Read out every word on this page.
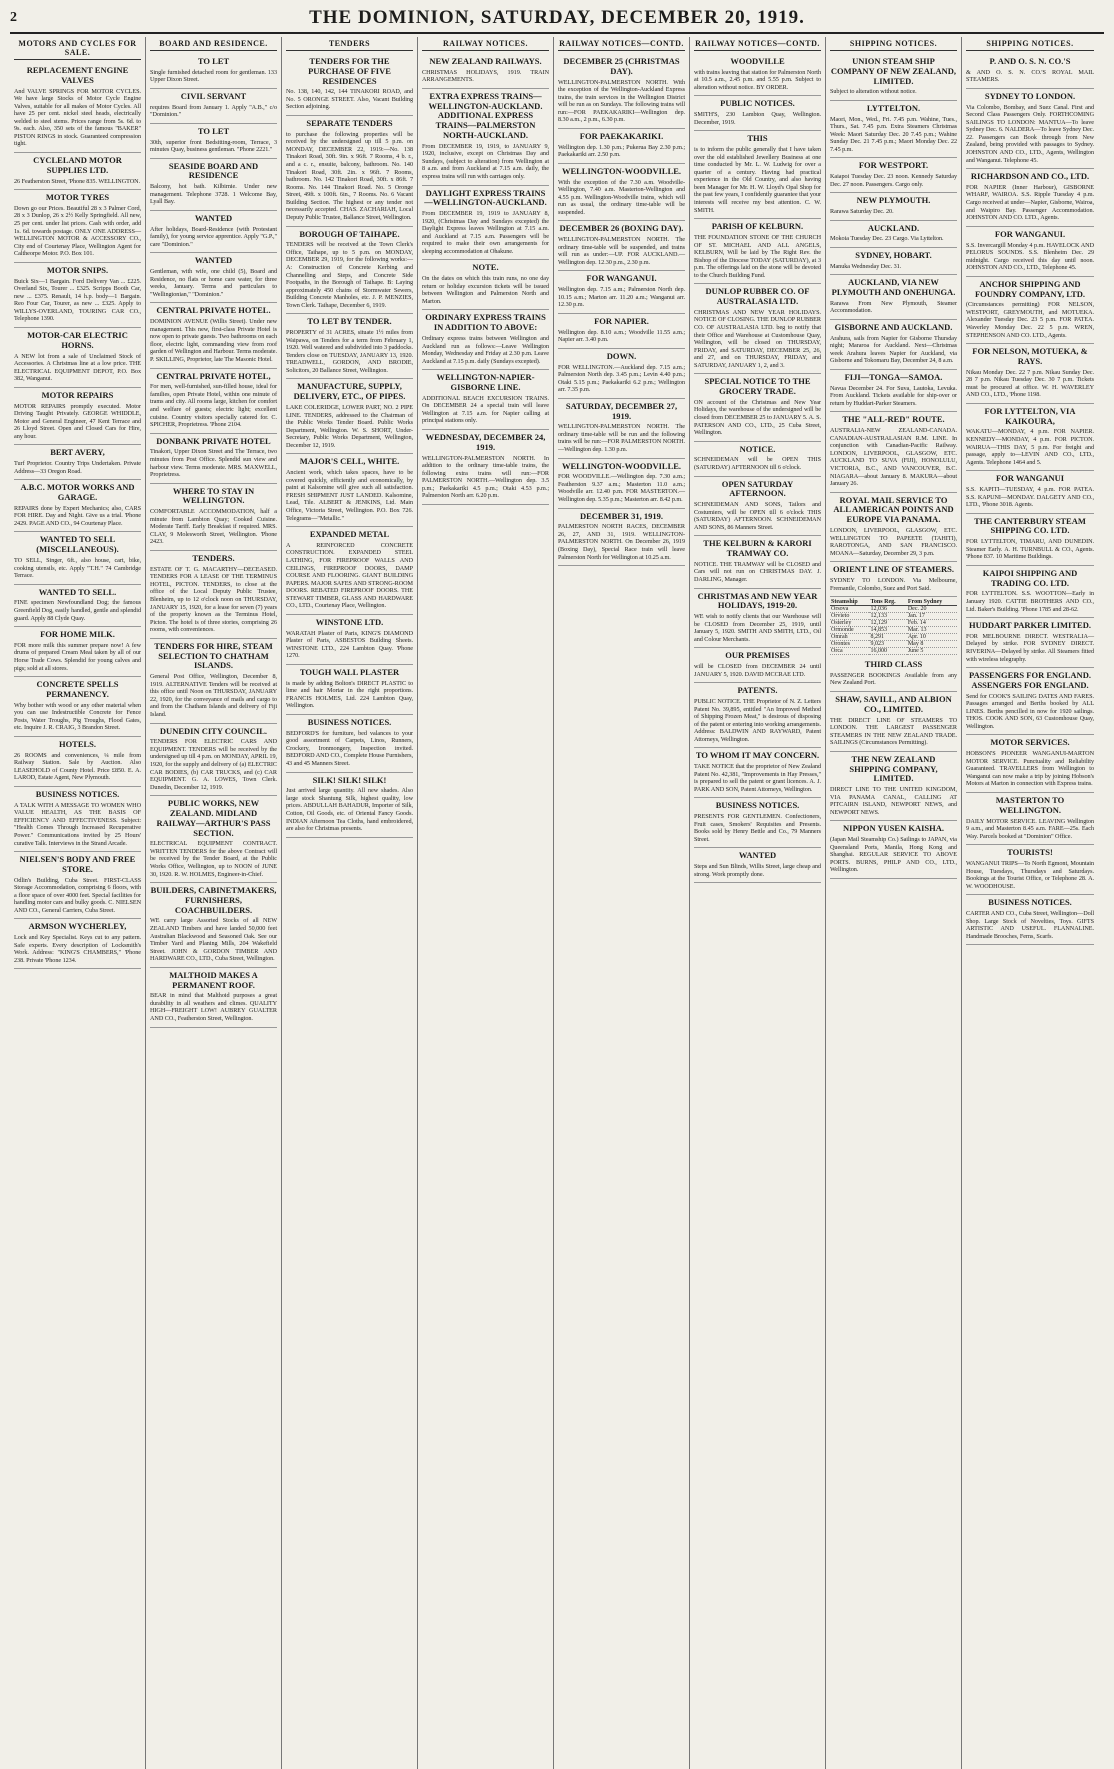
2	THE DOMINION, SATURDAY, DECEMBER 20, 1919.
MOTORS AND CYCLES FOR SALE.
REPLACEMENT ENGINE VALVES
And VALVE SPRINGS FOR MOTOR CYCLES. We have large Stocks of Motor Cycle Engine Valves, suitable for all makes of Motor Cycles. All have 25 per cent. nickel steel heads, electrically welded to steel stems. Prices range from 5s. 6d. to 9s. each. Also, 350 sets of the famous "BAKER" PISTON RINGS in stock. Guaranteed compression tight.
CYCLELAND MOTOR SUPPLIES LTD.
26 Featherston Street, 'Phone 835. WELLINGTON.
MOTOR TYRES
Down go our Prices. Beautiful 28 x 3 Palmer Cord, 28 x 3 Dunlop, 26 x 2½ Kelly Springfield. All new, 25 per cent. under list prices. Cash with order, add 1s. 6d. towards postage. ONLY ONE ADDRESS— WELLINGTON MOTOR & ACCESSORY CO., City end of Courtenay Place, Wellington Agent for Caltheorpe Motor. P.O. Box 101.
MOTOR SNIPS.
Buick Six—1 Bargain. Ford Delivery Van ... £225. Overland Six, Tourer ... £325. Scripps Booth Car, new ... £375. Renault, 14 h.p. body—1 Bargain. Reo Four Car, Tourer, as new ... £325. Apply to WILLYS-OVERLAND, TOURING CAR CO., Telephone 1390.
MOTOR-CAR ELECTRIC HORNS.
A NEW lot from a sale of Unclaimed Stock of Accessories. A Christmas line at a low price. THE ELECTRICAL EQUIPMENT DEPOT, P.O. Box 382, Wanganui.
MOTOR REPAIRS
MOTOR REPAIRS promptly executed. Motor Driving Taught Privately. GEORGE WHIDDLE, Motor and General Engineer, 47 Kent Terrace and 26 Lloyd Street. Open and Closed Cars for Hire, any hour.
BERT AVERY,
Turf Proprietor. Country Trips Undertaken. Private Address—33 Oregon Road.
A.B.C. MOTOR WORKS AND GARAGE.
REPAIRS done by Expert Mechanics; also, CARS FOR HIRE. Day and Night. Give us a trial. 'Phone 2429. PAGE AND CO., 94 Courtenay Place.
WANTED TO SELL (MISCELLANEOUS).
TO SELL, Singer, 6ft., also house, cart, bike, cooking utensils, etc. Apply "T.H." 74 Cambridge Terrace.
WANTED TO SELL.
FINE specimen Newfoundland Dog; the famous Greenfield Dog, easily handled, gentle and splendid guard. Apply 88 Clyde Quay.
FOR HOME MILK.
FOR more milk this summer prepare now! A few drums of prepared Cream Meal taken by all of our Horse Trade Cows. Splendid for young calves and pigs; sold at all stores.
CONCRETE SPELLS PERMANENCY.
Why bother with wood or any other material when you can use Indestructible Concrete for Fence Posts, Water Troughs, Pig Troughs, Flood Gates, etc. Inquire J. R. CRAIG, 3 Brandon Street.
HOTELS.
26 ROOMS and conveniences, ¼ mile from Railway Station. Sale by Auction. Also LEASEHOLD of County Hotel. Price £850. E. A. LAROD, Estate Agent, New Plymouth.
BUSINESS NOTICES.
A TALK WITH A MESSAGE TO WOMEN WHO VALUE HEALTH, AS THE BASIS OF EFFICIENCY AND EFFECTIVENESS. Subject: "Health Comes Through Increased Recuperative Power." Communications invited by 25 Hours' curative Talk. Interviews in the Strand Arcade.
NIELSEN'S BODY AND FREE STORE.
Odlin's Building, Cuba Street. FIRST-CLASS Storage Accommodation, comprising 6 floors, with a floor space of over 4000 feet. Special facilities for handling motor cars and bulky goods. C. NIELSEN AND CO., General Carriers, Cuba Street.
ARMSON WYCHERLEY,
Lock and Key Specialist. Keys cut to any pattern. Safe experts. Every description of Locksmith's Work. Address: "KING'S CHAMBERS," 'Phone 238. Private 'Phone 1234.
BOARD AND RESIDENCE.
TO LET
Single furnished detached room for gentleman. 133 Upper Dixon Street.
CIVIL SERVANT
requires Board from January 1. Apply "A.B.," c/o "Dominion."
TO LET
30th, superior front Bedsitting-room, Terrace, 3 minutes Quay, business gentleman. "Phone 2221."
SEASIDE BOARD AND RESIDENCE
Balcony, hot bath. Kilbirnie. Under new management. Telephone 3728. 1 Welcome Bay, Lyall Bay.
WANTED
After holidays, Board-Residence (with Protestant family), for young service apprentice. Apply "G.P.," care "Dominion."
WANTED
Gentleman, with wife, one child (5), Board and Residence, no flats or home care water, for three weeks, January. Terms and particulars to "Wellingtonian," "Dominion."
CENTRAL PRIVATE HOTEL.
DOMINION AVENUE (Willis Street). Under new management. This new, first-class Private Hotel is now open to private guests. Two bathrooms on each floor, electric light, commanding view from roof garden of Wellington and Harbour. Terms moderate. P. SKILLING, Proprietor, late The Masonic Hotel.
CENTRAL PRIVATE HOTEL,
For men, well-furnished, sun-filled house, ideal for families, open Private Hotel, within one minute of trams and city. All rooms large, kitchen for comfort and welfare of guests; electric light; excellent cuisine. Country visitors specially catered for. C. SPICHER, Proprietress. 'Phone 2104.
DONBANK PRIVATE HOTEL
Tinakori, Upper Dixon Street and The Terrace, two minutes from Post Office. Splendid sun view and harbour view. Terms moderate. MRS. MAXWELL, Proprietress.
WHERE TO STAY IN WELLINGTON.
COMFORTABLE ACCOMMODATION, half a minute from Lambton Quay; Cooked Cuisine. Moderate Tariff. Early Breakfast if required. MRS. CLAY, 9 Molesworth Street, Wellington. 'Phone 2423.
TENDERS.
ESTATE OF T. G. MACARTHY—DECEASED. TENDERS FOR A LEASE OF THE TERMINUS HOTEL, PICTON. TENDERS, to close at the office of the Local Deputy Public Trustee, Blenheim, up to 12 o'clock noon on THURSDAY, JANUARY 15, 1920, for a lease for seven (7) years of the property known as the Terminus Hotel, Picton. The hotel is of three stories, comprising 26 rooms, with conveniences.
TENDERS FOR HIRE, STEAM SELECTION TO CHATHAM ISLANDS.
General Post Office, Wellington, December 8, 1919. ALTERNATIVE Tenders will be received at this office until Noon on THURSDAY, JANUARY 22, 1920, for the conveyance of mails and cargo to and from the Chatham Islands and delivery of Fiji Island.
DUNEDIN CITY COUNCIL.
TENDERS FOR ELECTRIC CARS AND EQUIPMENT. TENDERS will be received by the undersigned up till 4 p.m. on MONDAY, APRIL 19, 1920, for the supply and delivery of (a) ELECTRIC CAR BODIES, (b) CAR TRUCKS, and (c) CAR EQUIPMENT. G. A. LOWES, Town Clerk. Dunedin, December 12, 1919.
PUBLIC WORKS, NEW ZEALAND. MIDLAND RAILWAY—ARTHUR'S PASS SECTION.
ELECTRICAL EQUIPMENT CONTRACT. WRITTEN TENDERS for the above Contract will be received by the Tender Board, at the Public Works Office, Wellington, up to NOON of JUNE 30, 1920. R. W. HOLMES, Engineer-in-Chief.
BUILDERS, CABINETMAKERS, FURNISHERS, COACHBUILDERS.
WE carry large Assorted Stocks of all NEW ZEALAND Timbers and have landed 50,000 feet Australian Blackwood and Seasoned Oak. See our Timber Yard and Planing Mills, 204 Wakefield Street. JOHN & GORDON TIMBER AND HARDWARE CO., LTD., Cuba Street, Wellington.
MALTHOID MAKES A PERMANENT ROOF.
BEAR in mind that Malthoid purposes a great durability in all weathers and climes. QUALITY HIGH—FREIGHT LOW! AUBREY GUALTER AND CO., Featherston Street, Wellington.
TENDERS
TENDERS FOR THE PURCHASE OF FIVE RESIDENCES
No. 138, 140, 142, 144 TINAKORI ROAD, and No. 5 ORONGE STREET. Also, Vacant Building Section adjoining.
SEPARATE TENDERS
to purchase the following properties will be received by the undersigned up till 5 p.m. on MONDAY, DECEMBER 22, 1919:—No. 138 Tinakori Road, 30ft. 9in. x 96ft. 7 Rooms, 4 b. r., and a c. r., ensuite, balcony, bathroom. No. 140 Tinakori Road, 30ft. 2in. x 96ft. 7 Rooms, bathroom. No. 142 Tinakori Road, 30ft. x 86ft. 7 Rooms. No. 144 Tinakori Road. No. 5 Oronge Street, 49ft. x 100ft. 6in., 7 Rooms. No. 6 Vacant Building Section. The highest or any tender not necessarily accepted. CHAS. ZACHARIAH, Local Deputy Public Trustee, Ballance Street, Wellington.
BOROUGH OF TAIHAPE.
TENDERS will be received at the Town Clerk's Office, Taihape, up to 5 p.m. on MONDAY, DECEMBER 29, 1919, for the following works:—A: Construction of Concrete Kerbing and Channelling and Steps, and Concrete Side Footpaths, in the Borough of Taihape. B: Laying approximately 450 chains of Stormwater Sewers, Building Concrete Manholes, etc. J. P. MENZIES, Town Clerk. Taihape, December 6, 1919.
TO LET BY TENDER.
PROPERTY of 31 ACRES, situate 1½ miles from Waipawa, on Tenders for a term from February 1, 1920. Well watered and subdivided into 3 paddocks. Tenders close on TUESDAY, JANUARY 13, 1920. TREADWELL, GORDON, AND BRODIE, Solicitors, 20 Ballance Street, Wellington.
MANUFACTURE, SUPPLY, DELIVERY, ETC., OF PIPES.
LAKE COLERIDGE, LOWER PART, NO. 2 PIPE LINE. TENDERS, addressed to the Chairman of the Public Works Tender Board. Public Works Department, Wellington. W. S. SHORT, Under-Secretary, Public Works Department, Wellington, December 12, 1919.
MAJOR'S CELL, WHITE.
Ancient work, which takes spaces, have to be covered quickly, efficiently and economically, by paint at Kalsomine will give such all satisfaction. FRESH SHIPMENT JUST LANDED. Kalsomine, Lead, Tile. ALBERT & JENKINS, Ltd. Main Office, Victoria Street, Wellington. P.O. Box 726. Telegrams—"Metallic."
EXPANDED METAL
A REINFORCED CONCRETE CONSTRUCTION. EXPANDED STEEL LATHING, FOR FIREPROOF WALLS AND CEILINGS, FIREPROOF DOORS, DAMP COURSE AND FLOORING. GIANT BUILDING PAPERS. MAJOR SAFES AND STRONG-ROOM DOORS. REBATED FIREPROOF DOORS. THE STEWART TIMBER, GLASS AND HARDWARE CO., LTD., Courtenay Place, Wellington.
WINSTONE LTD.
WARATAH Plaster of Paris, KING'S DIAMOND Plaster of Paris, ASBESTOS Building Sheets. WINSTONE LTD., 224 Lambton Quay. 'Phone 1270.
TOUGH WALL PLASTER
is made by adding Bolton's DIRECT PLASTIC to lime and hair Mortar in the right proportions. FRANCIS HOLMES, Ltd. 224 Lambton Quay, Wellington.
BUSINESS NOTICES.
BEDFORD'S for furniture, bed valances to your good assortment of Carpets, Linos, Runners, Crockery, Ironmongery, Inspection invited. BEDFORD AND CO., Complete House Furnishers, 43 and 45 Manners Street.
SILK! SILK! SILK!
Just arrived large quantity. All new shades. Also large stock Shantung Silk, highest quality, low prices. ABDULLAH BAHADUR, Importer of Silk, Cotton, Oil Goods, etc. of Oriental Fancy Goods. INDIAN Afternoon Tea Cloths, hand embroidered, are also for Christmas presents.
RAILWAY NOTICES.
NEW ZEALAND RAILWAYS.
CHRISTMAS HOLIDAYS, 1919. TRAIN ARRANGEMENTS.
EXTRA EXPRESS TRAINS—WELLINGTON-AUCKLAND. ADDITIONAL EXPRESS TRAINS—PALMERSTON NORTH-AUCKLAND.
From DECEMBER 19, 1919, to JANUARY 9, 1920, inclusive, except on Christmas Day and Sundays, (subject to alteration) from Wellington at 8 a.m. and from Auckland at 7.15 a.m. daily, the express trains will run with carriages only.
DAYLIGHT EXPRESS TRAINS—WELLINGTON-AUCKLAND.
From DECEMBER 19, 1919 to JANUARY 8, 1920, (Christmas Day and Sundays excepted) the Daylight Express leaves Wellington at 7.15 a.m. and Auckland at 7.15 a.m. Passengers will be required to make their own arrangements for sleeping accommodation at Ohakune.
NOTE.
On the dates on which this train runs, no one day return or holiday excursion tickets will be issued between Wellington and Palmerston North and Marton.
ORDINARY EXPRESS TRAINS IN ADDITION TO ABOVE:
Ordinary express trains between Wellington and Auckland run as follows:—Leave Wellington Monday, Wednesday and Friday at 2.30 p.m. Leave Auckland at 7.15 p.m. daily (Sundays excepted).
WELLINGTON-NAPIER-GISBORNE LINE.
ADDITIONAL BEACH EXCURSION TRAINS. On DECEMBER 24 a special train will leave Wellington at 7.15 a.m. for Napier calling at principal stations only.
WEDNESDAY, DECEMBER 24, 1919.
WELLINGTON-PALMERSTON NORTH. In addition to the ordinary time-table trains, the following extra trains will run:—FOR PALMERSTON NORTH.—Wellington dep. 3.5 p.m.; Paekakariki 4.5 p.m.; Otaki 4.53 p.m.; Palmerston North arr. 6.20 p.m.
RAILWAY NOTICES—CONTD.
DECEMBER 25 (CHRISTMAS DAY).
WELLINGTON-PALMERSTON NORTH. With the exception of the Wellington-Auckland Express trains, the train services in the Wellington District will be run as on Sundays. The following trains will run:—FOR PAEKAKARIKI—Wellington dep. 8.30 a.m., 2 p.m., 6.30 p.m.
FOR PAEKAKARIKI.
Wellington dep. 1.30 p.m.; Pukerua Bay 2.30 p.m.; Paekakariki arr. 2.50 p.m.
WELLINGTON-WOODVILLE.
With the exception of the 7.30 a.m. Woodville-Wellington, 7.40 a.m. Masterton-Wellington and 4.55 p.m. Wellington-Woodville trains, which will run as usual, the ordinary time-table will be suspended.
DECEMBER 26 (BOXING DAY).
WELLINGTON-PALMERSTON NORTH. The ordinary time-table will be suspended, and trains will run as under:—UP. FOR AUCKLAND.—Wellington dep. 12.30 p.m., 2.30 p.m.
FOR WANGANUI.
Wellington dep. 7.15 a.m.; Palmerston North dep. 10.15 a.m.; Marton arr. 11.20 a.m.; Wanganui arr. 12.30 p.m.
FOR NAPIER.
Wellington dep. 8.10 a.m.; Woodville 11.55 a.m.; Napier arr. 3.40 p.m.
DOWN.
FOR WELLINGTON.—Auckland dep. 7.15 a.m.; Palmerston North dep. 3.45 p.m.; Levin 4.40 p.m.; Otaki 5.15 p.m.; Paekakariki 6.2 p.m.; Wellington arr. 7.35 p.m.
SATURDAY, DECEMBER 27, 1919.
WELLINGTON-PALMERSTON NORTH. The ordinary time-table will be run and the following trains will be run:—FOR PALMERSTON NORTH.—Wellington dep. 1.30 p.m.
WELLINGTON-WOODVILLE.
FOR WOODVILLE.—Wellington dep. 7.30 a.m.; Featherston 9.37 a.m.; Masterton 11.0 a.m.; Woodville arr. 12.40 p.m. FOR MASTERTON.—Wellington dep. 5.35 p.m.; Masterton arr. 8.42 p.m.
DECEMBER 31, 1919.
PALMERSTON NORTH RACES, DECEMBER 26, 27, AND 31, 1919. WELLINGTON-PALMERSTON NORTH. On December 26, 1919 (Boxing Day), Special Race train will leave Palmerston North for Wellington at 10.25 a.m.
RAILWAY NOTICES—CONTD.
WOODVILLE
with trains leaving that station for Palmerston North at 10.5 a.m., 2.45 p.m. and 5.55 p.m. Subject to alteration without notice. BY ORDER.
PUBLIC NOTICES.
SMITH'S, 230 Lambton Quay, Wellington. December, 1919.
THIS
is to inform the public generally that I have taken over the old established Jewellery Business at one time conducted by Mr. L. W. Ludwig for over a quarter of a century. Having had practical experience in the Old Country, and also having been Manager for Mr. H. W. Lloyd's Opal Shop for the past few years, I confidently guarantee that your interests will receive my best attention. C. W. SMITH.
PARISH OF KELBURN.
THE FOUNDATION STONE OF THE CHURCH OF ST. MICHAEL AND ALL ANGELS, KELBURN, Will be laid by The Right Rev. the Bishop of the Diocese TODAY (SATURDAY), at 3 p.m. The offerings laid on the stone will be devoted to the Church Building Fund.
DUNLOP RUBBER CO. OF AUSTRALASIA LTD.
CHRISTMAS AND NEW YEAR HOLIDAYS. NOTICE OF CLOSING. THE DUNLOP RUBBER CO. OF AUSTRALASIA LTD. beg to notify that their Office and Warehouse at Customhouse Quay, Wellington, will be closed on THURSDAY, FRIDAY, and SATURDAY, DECEMBER 25, 26, and 27, and on THURSDAY, FRIDAY, and SATURDAY, JANUARY 1, 2, and 3.
SPECIAL NOTICE TO THE GROCERY TRADE.
ON account of the Christmas and New Year Holidays, the warehouse of the undersigned will be closed from DECEMBER 25 to JANUARY 5. A. S. PATERSON AND CO., LTD., 25 Cuba Street, Wellington.
NOTICE.
SCHNEIDEMAN will be OPEN THIS (SATURDAY) AFTERNOON till 6 o'clock.
OPEN SATURDAY AFTERNOON.
SCHNEIDEMAN AND SONS, Tailors and Costumiers, will be OPEN till 6 o'clock THIS (SATURDAY) AFTERNOON. SCHNEIDEMAN AND SONS, 86 Manners Street.
THE KELBURN & KARORI TRAMWAY CO.
NOTICE. THE TRAMWAY will be CLOSED and Cars will not run on CHRISTMAS DAY. J. DARLING, Manager.
CHRISTMAS AND NEW YEAR HOLIDAYS, 1919-20.
WE wish to notify clients that our Warehouse will be CLOSED from December 25, 1919, until January 5, 1920. SMITH AND SMITH, LTD., Oil and Colour Merchants.
OUR PREMISES
will be CLOSED from DECEMBER 24 until JANUARY 5, 1920. DAVID MCCRAE LTD.
PATENTS.
PUBLIC NOTICE. THE Proprietor of N. Z. Letters Patent No. 39,895, entitled "An Improved Method of Shipping Frozen Meat," is desirous of disposing of the patent or entering into working arrangements. Address: BALDWIN AND RAYWARD, Patent Attorneys, Wellington.
TO WHOM IT MAY CONCERN.
TAKE NOTICE that the proprietor of New Zealand Patent No. 42,381, "Improvements in Hay Presses," is prepared to sell the patent or grant licences. A. J. PARK AND SON, Patent Attorneys, Wellington.
BUSINESS NOTICES.
PRESENTS FOR GENTLEMEN. Confectioners, Fruit cases, Smokers' Requisites and Presents. Books sold by Henry Bettle and Co., 79 Manners Street.
WANTED
Steps and Sun Blinds, Willis Street, large cheap and strong. Work promptly done.
SHIPPING NOTICES.
UNION STEAM SHIP COMPANY OF NEW ZEALAND, LIMITED.
Subject to alteration without notice.
LYTTELTON.
Maori, Mon., Wed., Fri. 7.45 p.m. Wahine, Tues., Thurs., Sat. 7.45 p.m. Extra Steamers Christmas Week: Maori Saturday Dec. 20 7.45 p.m.; Wahine Sunday Dec. 21 7.45 p.m.; Maori Monday Dec. 22 7.45 p.m.
FOR WESTPORT.
Kaiapoi Tuesday Dec. 23 noon. Kennedy Saturday Dec. 27 noon. Passengers. Cargo only.
NEW PLYMOUTH.
Rarawa Saturday Dec. 20.
AUCKLAND.
Mokoia Tuesday Dec. 23 Cargo. Via Lyttelton.
SYDNEY, HOBART.
Manuka Wednesday Dec. 31.
AUCKLAND, VIA NEW PLYMOUTH AND ONEHUNGA.
Rarawa From New Plymouth, Steamer Accommodation.
GISBORNE AND AUCKLAND.
Arahura, sails from Napier for Gisborne Thursday night; Mararoa for Auckland. Next—Christmas week Arahura leaves Napier for Auckland, via Gisborne and Tokomaru Bay, December 24, 8 a.m.
FIJI—TONGA—SAMOA.
Navua December 24. For Suva, Lautoka, Levuka. From Auckland. Tickets available for ship-over or return by Huddart-Parker Steamers.
THE "ALL-RED" ROUTE.
AUSTRALIA-NEW ZEALAND-CANADA. CANADIAN-AUSTRALASIAN R.M. LINE. In conjunction with Canadian-Pacific Railway. LONDON, LIVERPOOL, GLASGOW, ETC. AUCKLAND TO SUVA (FIJI), HONOLULU, VICTORIA, B.C., AND VANCOUVER, B.C. NIAGARA—about January 8. MAKURA—about January 26.
ROYAL MAIL SERVICE TO ALL AMERICAN POINTS AND EUROPE VIA PANAMA.
LONDON, LIVERPOOL, GLASGOW, ETC. WELLINGTON TO PAPEETE (TAHITI), RAROTONGA, AND SAN FRANCISCO. MOANA—Saturday, December 29, 3 p.m.
ORIENT LINE OF STEAMERS.
SYDNEY TO LONDON. Via Melbourne, Fremantle, Colombo, Suez and Port Said.
Steamship	Tons Reg.	From Sydney
Orsova	12,036	Dec. 20
Orvieto	12,133	Jan. 17
Osterley	12,129	Feb. 14
Ormonde	14,853	Mar. 13
Omrah	8,291	Apr. 10
Orontes	9,023	May 8
Orca	16,000	June 5
THIRD CLASS
PASSENGER BOOKINGS Available from any New Zealand Port.
SHAW, SAVILL, AND ALBION CO., LIMITED.
THE DIRECT LINE OF STEAMERS TO LONDON. THE LARGEST PASSENGER STEAMERS IN THE NEW ZEALAND TRADE. SAILINGS (Circumstances Permitting).
THE NEW ZEALAND SHIPPING COMPANY, LIMITED.
DIRECT LINE TO THE UNITED KINGDOM, VIA PANAMA CANAL, CALLING AT PITCAIRN ISLAND, NEWPORT NEWS, and NEWPORT NEWS.
NIPPON YUSEN KAISHA.
(Japan Mail Steamship Co.) Sailings to JAPAN, via Queensland Ports, Manila, Hong Kong and Shanghai. REGULAR SERVICE TO ABOVE PORTS. BURNS, PHILP AND CO., LTD., Wellington.
SHIPPING NOTICES.
P. AND O. S. N. CO.'S
& AND O. S. N. CO.'S ROYAL MAIL STEAMERS.
SYDNEY TO LONDON.
Via Colombo, Bombay, and Suez Canal. First and Second Class Passengers Only. FORTHCOMING SAILINGS TO LONDON: MANTUA—To leave Sydney Dec. 6. NALDERA—To leave Sydney Dec. 22. Passengers can Book through from New Zealand, being provided with passages to Sydney. JOHNSTON AND CO., LTD., Agents, Wellington and Wanganui. Telephone 45.
RICHARDSON AND CO., LTD.
FOR NAPIER (Inner Harbour), GISBORNE WHARF, WAIROA. S.S. Ripple Tuesday 4 p.m. Cargo received at under—Napier, Gisborne, Wairoa, and Waipiro Bay. Passenger Accommodation. JOHNSTON AND CO. LTD., Agents.
FOR WANGANUI.
S.S. Invercargill Monday 4 p.m. HAVELOCK AND PELORUS SOUNDS. S.S. Blenheim Dec. 29 midnight. Cargo received this day until noon. JOHNSTON AND CO., LTD., Telephone 45.
ANCHOR SHIPPING AND FOUNDRY COMPANY, LTD.
(Circumstances permitting) FOR NELSON, WESTPORT, GREYMOUTH, and MOTUEKA. Alexander Tuesday Dec. 23 5 p.m. FOR PATEA. Waverley Monday Dec. 22 5 p.m. WREN, STEPHENSON AND CO. LTD., Agents.
FOR NELSON, MOTUEKA, & RAYS.
Nikau Monday Dec. 22 7 p.m. Nikau Sunday Dec. 28 7 p.m. Nikau Tuesday Dec. 30 7 p.m. Tickets must be procured at office. W. H. WAVERLEY AND CO., LTD., 'Phone 1198.
FOR LYTTELTON, VIA KAIKOURA,
WAKATU—MONDAY, 4 p.m. FOR NAPIER. KENNEDY—MONDAY, 4 p.m. FOR PICTON. WAIRUA—THIS DAY, 5 p.m. For freight and passage, apply to—LEVIN AND CO., LTD., Agents. Telephone 1464 and 5.
FOR WANGANUI
S.S. KAPITI—TUESDAY, 4 p.m. FOR PATEA. S.S. KAPUNI—MONDAY. DALGETY AND CO., LTD., 'Phone 3018. Agents.
THE CANTERBURY STEAM SHIPPING CO. LTD.
FOR LYTTELTON, TIMARU, AND DUNEDIN. Steamer Early. A. H. TURNBULL & CO., Agents. 'Phone 837. 10 Maritime Buildings.
KAIPOI SHIPPING AND TRADING CO. LTD.
FOR LYTTELTON. S.S. WOOTTON—Early in January 1920. CATTIE BROTHERS AND CO., Ltd. Baker's Building. 'Phone 1785 and 28-62.
HUDDART PARKER LIMITED.
FOR MELBOURNE DIRECT. WESTRALIA—Delayed by strike. FOR SYDNEY DIRECT. RIVERINA—Delayed by strike. All Steamers fitted with wireless telegraphy.
PASSENGERS FOR ENGLAND. ASSENGERS FOR ENGLAND.
Send for COOK'S SAILING DATES AND FARES. Passages arranged and Berths booked by ALL LINES. Berths pencilled in now for 1920 sailings. THOS. COOK AND SON, 63 Customhouse Quay, Wellington.
MOTOR SERVICES.
HOBSON'S PIONEER WANGANUI-MARTON MOTOR SERVICE. Punctuality and Reliability Guaranteed. TRAVELLERS from Wellington to Wanganui can now make a trip by joining Hobson's Motors at Marton in connection with Express trains.
MASTERTON TO WELLINGTON.
DAILY MOTOR SERVICE. LEAVING Wellington 9 a.m., and Masterton 8.45 a.m. FARE—25s. Each Way. Parcels booked at "Dominion" Office.
TOURISTS!
WANGANUI TRIPS—To North Egmont, Mountain House, Tuesdays, Thursdays and Saturdays. Bookings at the Tourist Office, or Telephone 28. A. W. WOODHOUSE.
BUSINESS NOTICES.
CARTER AND CO., Cuba Street, Wellington—Doll Shop. Large Stock of Novelties, Toys. GIFTS ARTISTIC AND USEFUL. FLANNALINE. Handmade Brooches, Ferns, Scarfs.
